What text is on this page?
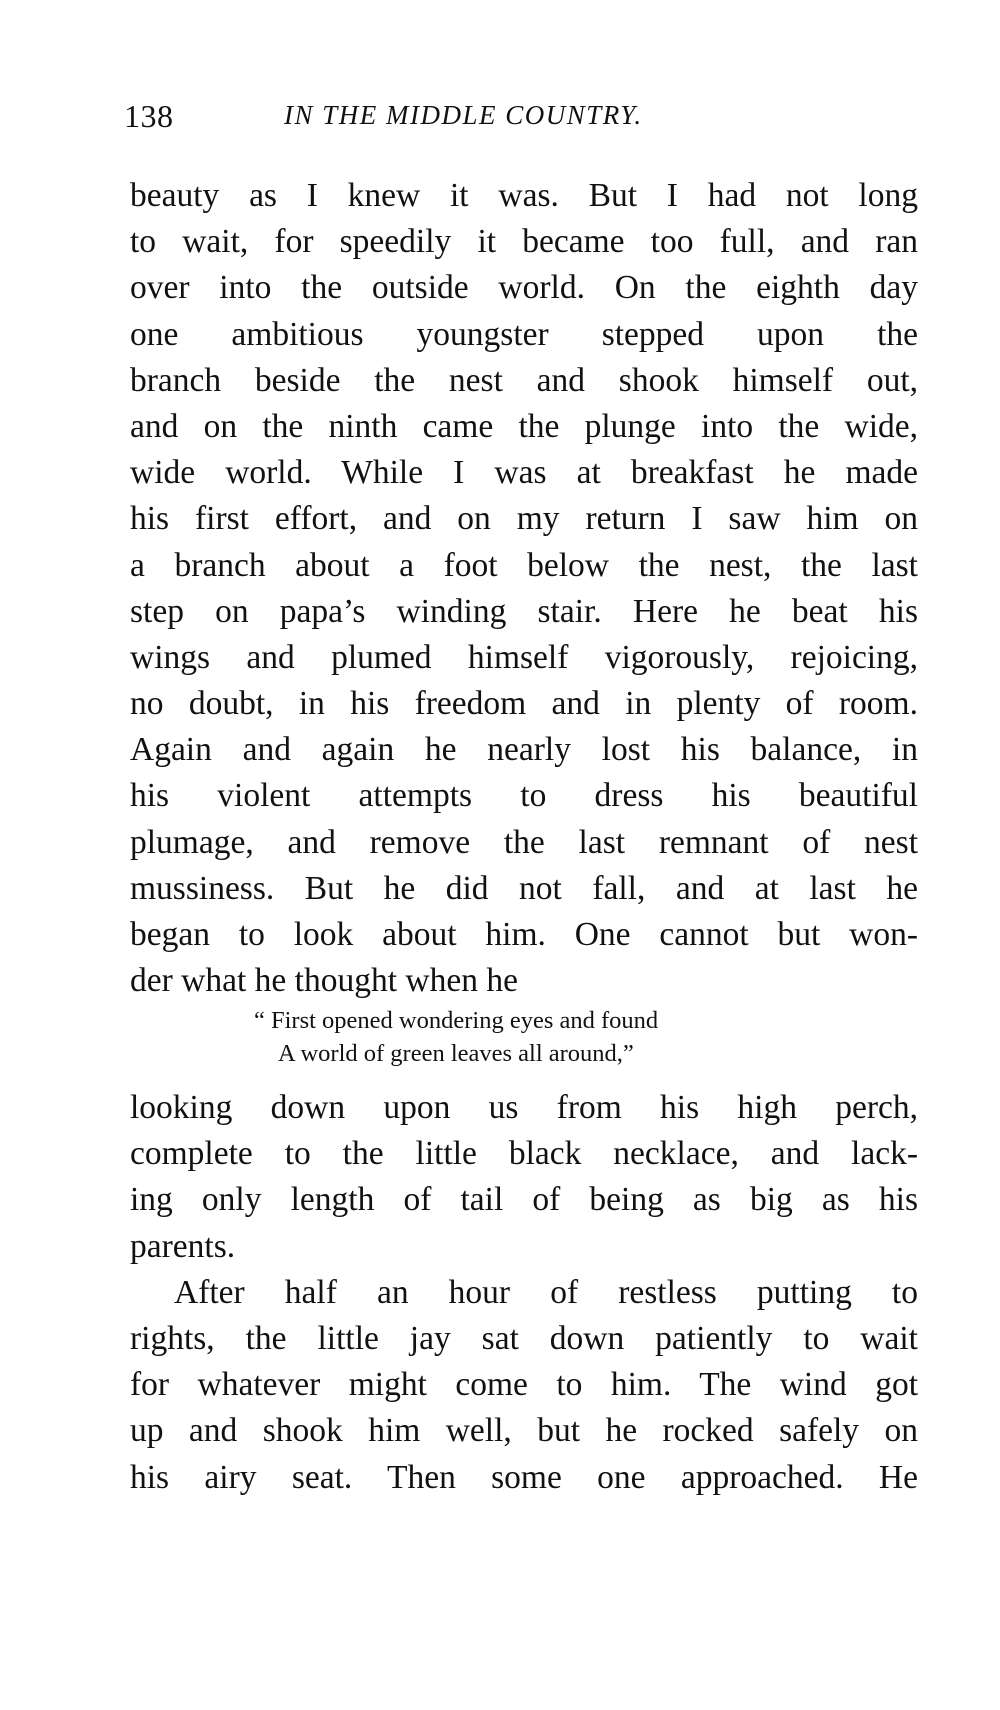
138	IN THE MIDDLE COUNTRY.
beauty as I knew it was. But I had not long
to wait, for speedily it became too full, and ran
over into the outside world. On the eighth day
one ambitious youngster stepped upon the
branch beside the nest and shook himself out,
and on the ninth came the plunge into the wide,
wide world. While I was at breakfast he made
his first effort, and on my return I saw him on
a branch about a foot below the nest, the last
step on papa’s winding stair. Here he beat his
wings and plumed himself vigorously, rejoicing,
no doubt, in his freedom and in plenty of room.
Again and again he nearly lost his balance, in
his violent attempts to dress his beautiful
plumage, and remove the last remnant of nest
mussiness. But he did not fall, and at last he
began to look about him. One cannot but won-
der what he thought when he
“ First opened wondering eyes and found
A world of green leaves all around,”
looking down upon us from his high perch,
complete to the little black necklace, and lack-
ing only length of tail of being as big as his
parents.
After half an hour of restless putting to
rights, the little jay sat down patiently to wait
for whatever might come to him. The wind got
up and shook him well, but he rocked safely on
his airy seat. Then some one approached. He
